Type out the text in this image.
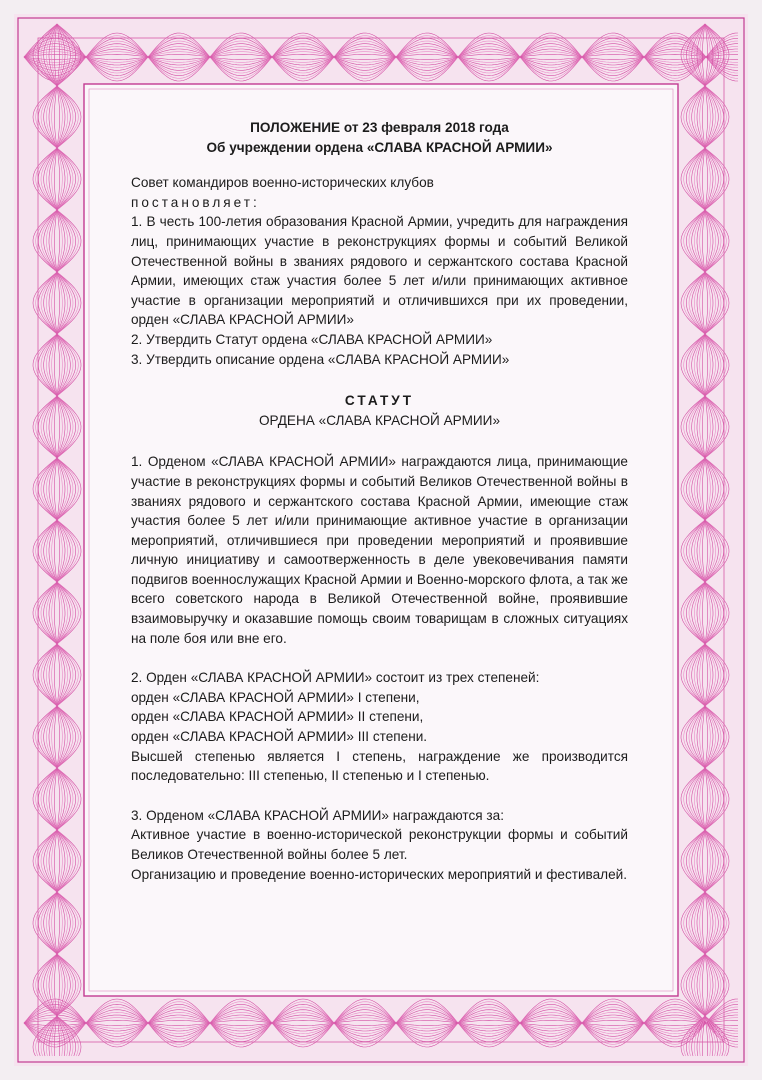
ПОЛОЖЕНИЕ от 23 февраля 2018 года

Об учреждении ордена «СЛАВА КРАСНОЙ АРМИИ»

Совет командиров военно-исторических клубов

постановляет:

1. В честь 100-летия образования Красной Армии, учредить для награждения лиц, принимающих участие в реконструкциях формы и событий Великой Отечественной войны в званиях рядового и сержантского состава Красной Армии, имеющих стаж участия более 5 лет и/или принимающих активное участие в организации мероприятий и отличившихся при их проведении, орден «СЛАВА КРАСНОЙ АРМИИ»

2. Утвердить Статут ордена «СЛАВА КРАСНОЙ АРМИИ»

3. Утвердить описание ордена «СЛАВА КРАСНОЙ АРМИИ»

СТАТУТ

ОРДЕНА «СЛАВА КРАСНОЙ АРМИИ»

1. Орденом «СЛАВА КРАСНОЙ АРМИИ» награждаются лица, принимающие участие в реконструкциях формы и событий Великов Отечественной войны в званиях рядового и сержантского состава Красной Армии, имеющие стаж участия более 5 лет и/или принимающие активное участие в организации мероприятий, отличившиеся при проведении мероприятий и проявившие личную инициативу и самоотверженность в деле увековечивания памяти подвигов военнослужащих Красной Армии и Военно-морского флота, а так же всего советского народа в Великой Отечественной войне, проявившие взаимовыручку и оказавшие помощь своим товарищам в сложных ситуациях на поле боя или вне его.

2. Орден «СЛАВА КРАСНОЙ АРМИИ» состоит из трех степеней:

орден «СЛАВА КРАСНОЙ АРМИИ» I степени,

орден «СЛАВА КРАСНОЙ АРМИИ» II степени,

орден «СЛАВА КРАСНОЙ АРМИИ» III степени.

Высшей степенью является I степень, награждение же производится последовательно: III степенью, II степенью и I степенью.

3. Орденом «СЛАВА КРАСНОЙ АРМИИ» награждаются за:

Активное участие в военно-исторической реконструкции формы и событий Великов Отечественной войны более 5 лет.

Организацию и проведение военно-исторических мероприятий и фестивалей.
